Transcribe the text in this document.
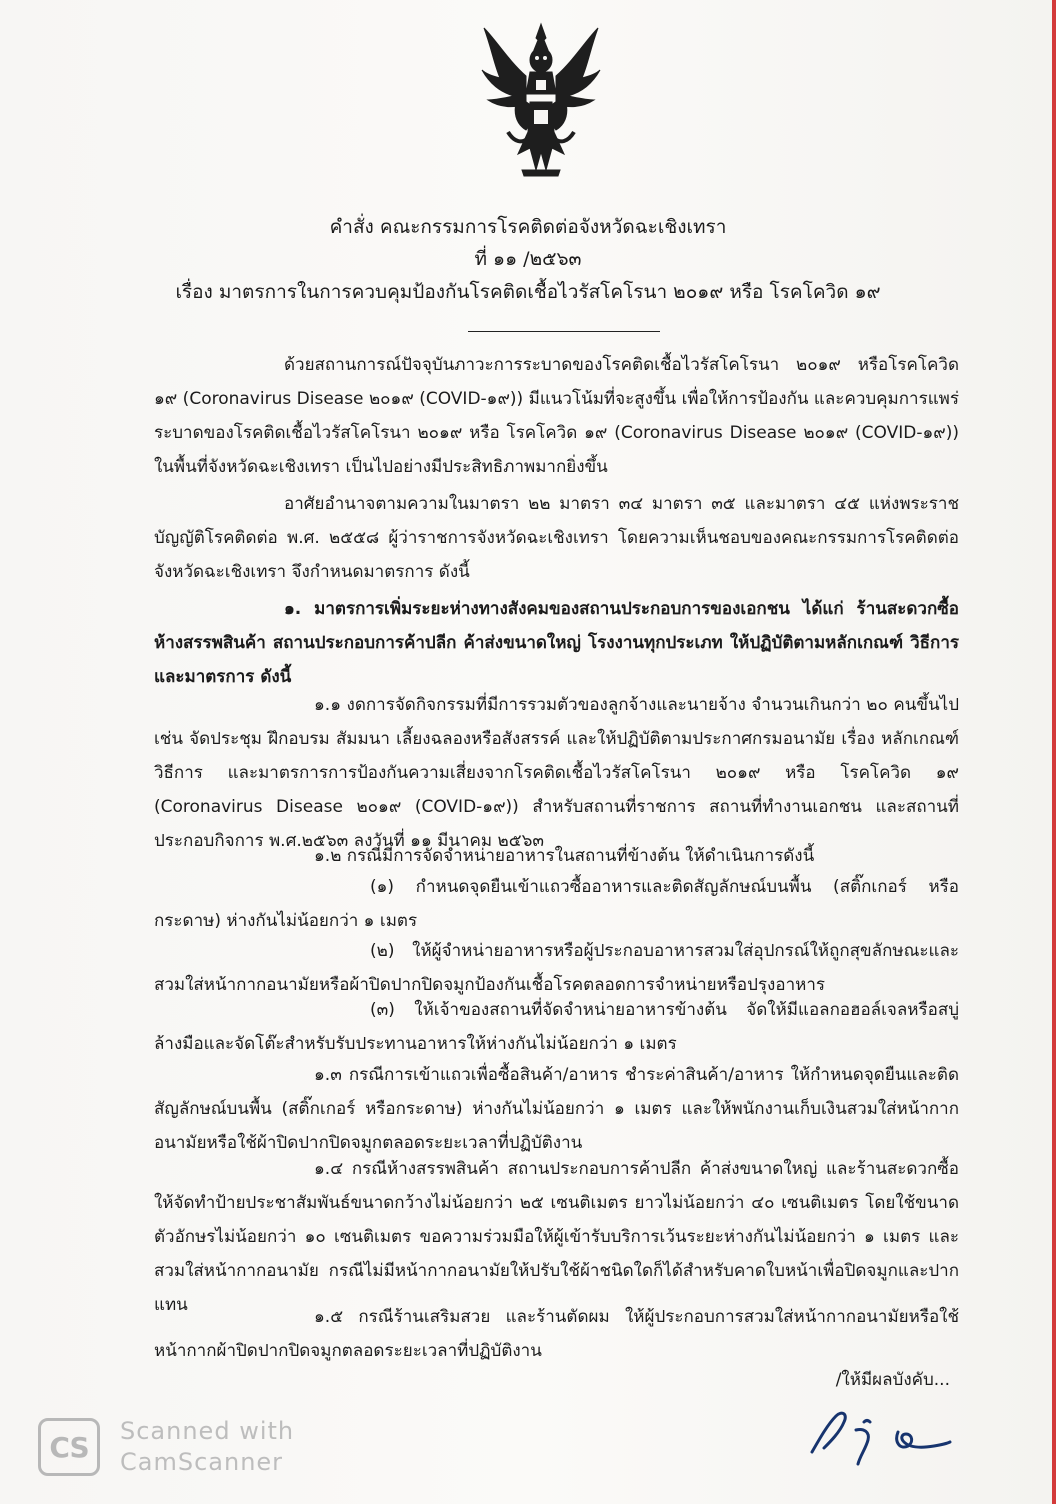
คำสั่ง คณะกรรมการโรคติดต่อจังหวัดฉะเชิงเทรา
ที่ ๑๑ /๒๕๖๓
เรื่อง มาตรการในการควบคุมป้องกันโรคติดเชื้อไวรัสโคโรนา ๒๐๑๙ หรือ โรคโควิด ๑๙
ด้วยสถานการณ์ปัจจุบันภาวะการระบาดของโรคติดเชื้อไวรัสโคโรนา ๒๐๑๙ หรือโรคโควิด ๑๙ (Coronavirus Disease ๒๐๑๙ (COVID-๑๙)) มีแนวโน้มที่จะสูงขึ้น เพื่อให้การป้องกัน และควบคุมการแพร่ระบาดของโรคติดเชื้อไวรัสโคโรนา ๒๐๑๙ หรือ โรคโควิด ๑๙ (Coronavirus Disease ๒๐๑๙ (COVID-๑๙)) ในพื้นที่จังหวัดฉะเชิงเทรา เป็นไปอย่างมีประสิทธิภาพมากยิ่งขึ้น
อาศัยอำนาจตามความในมาตรา ๒๒ มาตรา ๓๔ มาตรา ๓๕ และมาตรา ๔๕ แห่งพระราชบัญญัติโรคติดต่อ พ.ศ. ๒๕๕๘ ผู้ว่าราชการจังหวัดฉะเชิงเทรา โดยความเห็นชอบของคณะกรรมการโรคติดต่อจังหวัดฉะเชิงเทรา จึงกำหนดมาตรการ ดังนี้
๑. มาตรการเพิ่มระยะห่างทางสังคมของสถานประกอบการของเอกชน ได้แก่ ร้านสะดวกซื้อ ห้างสรรพสินค้า สถานประกอบการค้าปลีก ค้าส่งขนาดใหญ่ โรงงานทุกประเภท ให้ปฏิบัติตามหลักเกณฑ์ วิธีการและมาตรการ ดังนี้
๑.๑ งดการจัดกิจกรรมที่มีการรวมตัวของลูกจ้างและนายจ้าง จำนวนเกินกว่า ๒๐ คนขึ้นไป เช่น จัดประชุม ฝึกอบรม สัมมนา เลี้ยงฉลองหรือสังสรรค์ และให้ปฏิบัติตามประกาศกรมอนามัย เรื่อง หลักเกณฑ์ วิธีการ และมาตรการการป้องกันความเสี่ยงจากโรคติดเชื้อไวรัสโคโรนา ๒๐๑๙ หรือ โรคโควิด ๑๙ (Coronavirus Disease ๒๐๑๙ (COVID-๑๙)) สำหรับสถานที่ราชการ สถานที่ทำงานเอกชน และสถานที่ประกอบกิจการ พ.ศ.๒๕๖๓ ลงวันที่ ๑๑ มีนาคม ๒๕๖๓
๑.๒ กรณีมีการจัดจำหน่ายอาหารในสถานที่ข้างต้น ให้ดำเนินการดังนี้
(๑) กำหนดจุดยืนเข้าแถวซื้ออาหารและติดสัญลักษณ์บนพื้น (สติ๊กเกอร์ หรือกระดาษ) ห่างกันไม่น้อยกว่า ๑ เมตร
(๒) ให้ผู้จำหน่ายอาหารหรือผู้ประกอบอาหารสวมใส่อุปกรณ์ให้ถูกสุขลักษณะและสวมใส่หน้ากากอนามัยหรือผ้าปิดปากปิดจมูกป้องกันเชื้อโรคตลอดการจำหน่ายหรือปรุงอาหาร
(๓) ให้เจ้าของสถานที่จัดจำหน่ายอาหารข้างต้น จัดให้มีแอลกอฮอล์เจลหรือสบู่ล้างมือและจัดโต๊ะสำหรับรับประทานอาหารให้ห่างกันไม่น้อยกว่า ๑ เมตร
๑.๓ กรณีการเข้าแถวเพื่อซื้อสินค้า/อาหาร ชำระค่าสินค้า/อาหาร ให้กำหนดจุดยืนและติดสัญลักษณ์บนพื้น (สติ๊กเกอร์ หรือกระดาษ) ห่างกันไม่น้อยกว่า ๑ เมตร และให้พนักงานเก็บเงินสวมใส่หน้ากากอนามัยหรือใช้ผ้าปิดปากปิดจมูกตลอดระยะเวลาที่ปฏิบัติงาน
๑.๔ กรณีห้างสรรพสินค้า สถานประกอบการค้าปลีก ค้าส่งขนาดใหญ่ และร้านสะดวกซื้อ ให้จัดทำป้ายประชาสัมพันธ์ขนาดกว้างไม่น้อยกว่า ๒๕ เซนติเมตร ยาวไม่น้อยกว่า ๔๐ เซนติเมตร โดยใช้ขนาดตัวอักษรไม่น้อยกว่า ๑๐ เซนติเมตร ขอความร่วมมือให้ผู้เข้ารับบริการเว้นระยะห่างกันไม่น้อยกว่า ๑ เมตร และสวมใส่หน้ากากอนามัย กรณีไม่มีหน้ากากอนามัยให้ปรับใช้ผ้าชนิดใดก็ได้สำหรับคาดใบหน้าเพื่อปิดจมูกและปากแทน
๑.๕ กรณีร้านเสริมสวย และร้านตัดผม ให้ผู้ประกอบการสวมใส่หน้ากากอนามัยหรือใช้หน้ากากผ้าปิดปากปิดจมูกตลอดระยะเวลาที่ปฏิบัติงาน
/ให้มีผลบังคับ...
CS	Scanned with
CamScanner
